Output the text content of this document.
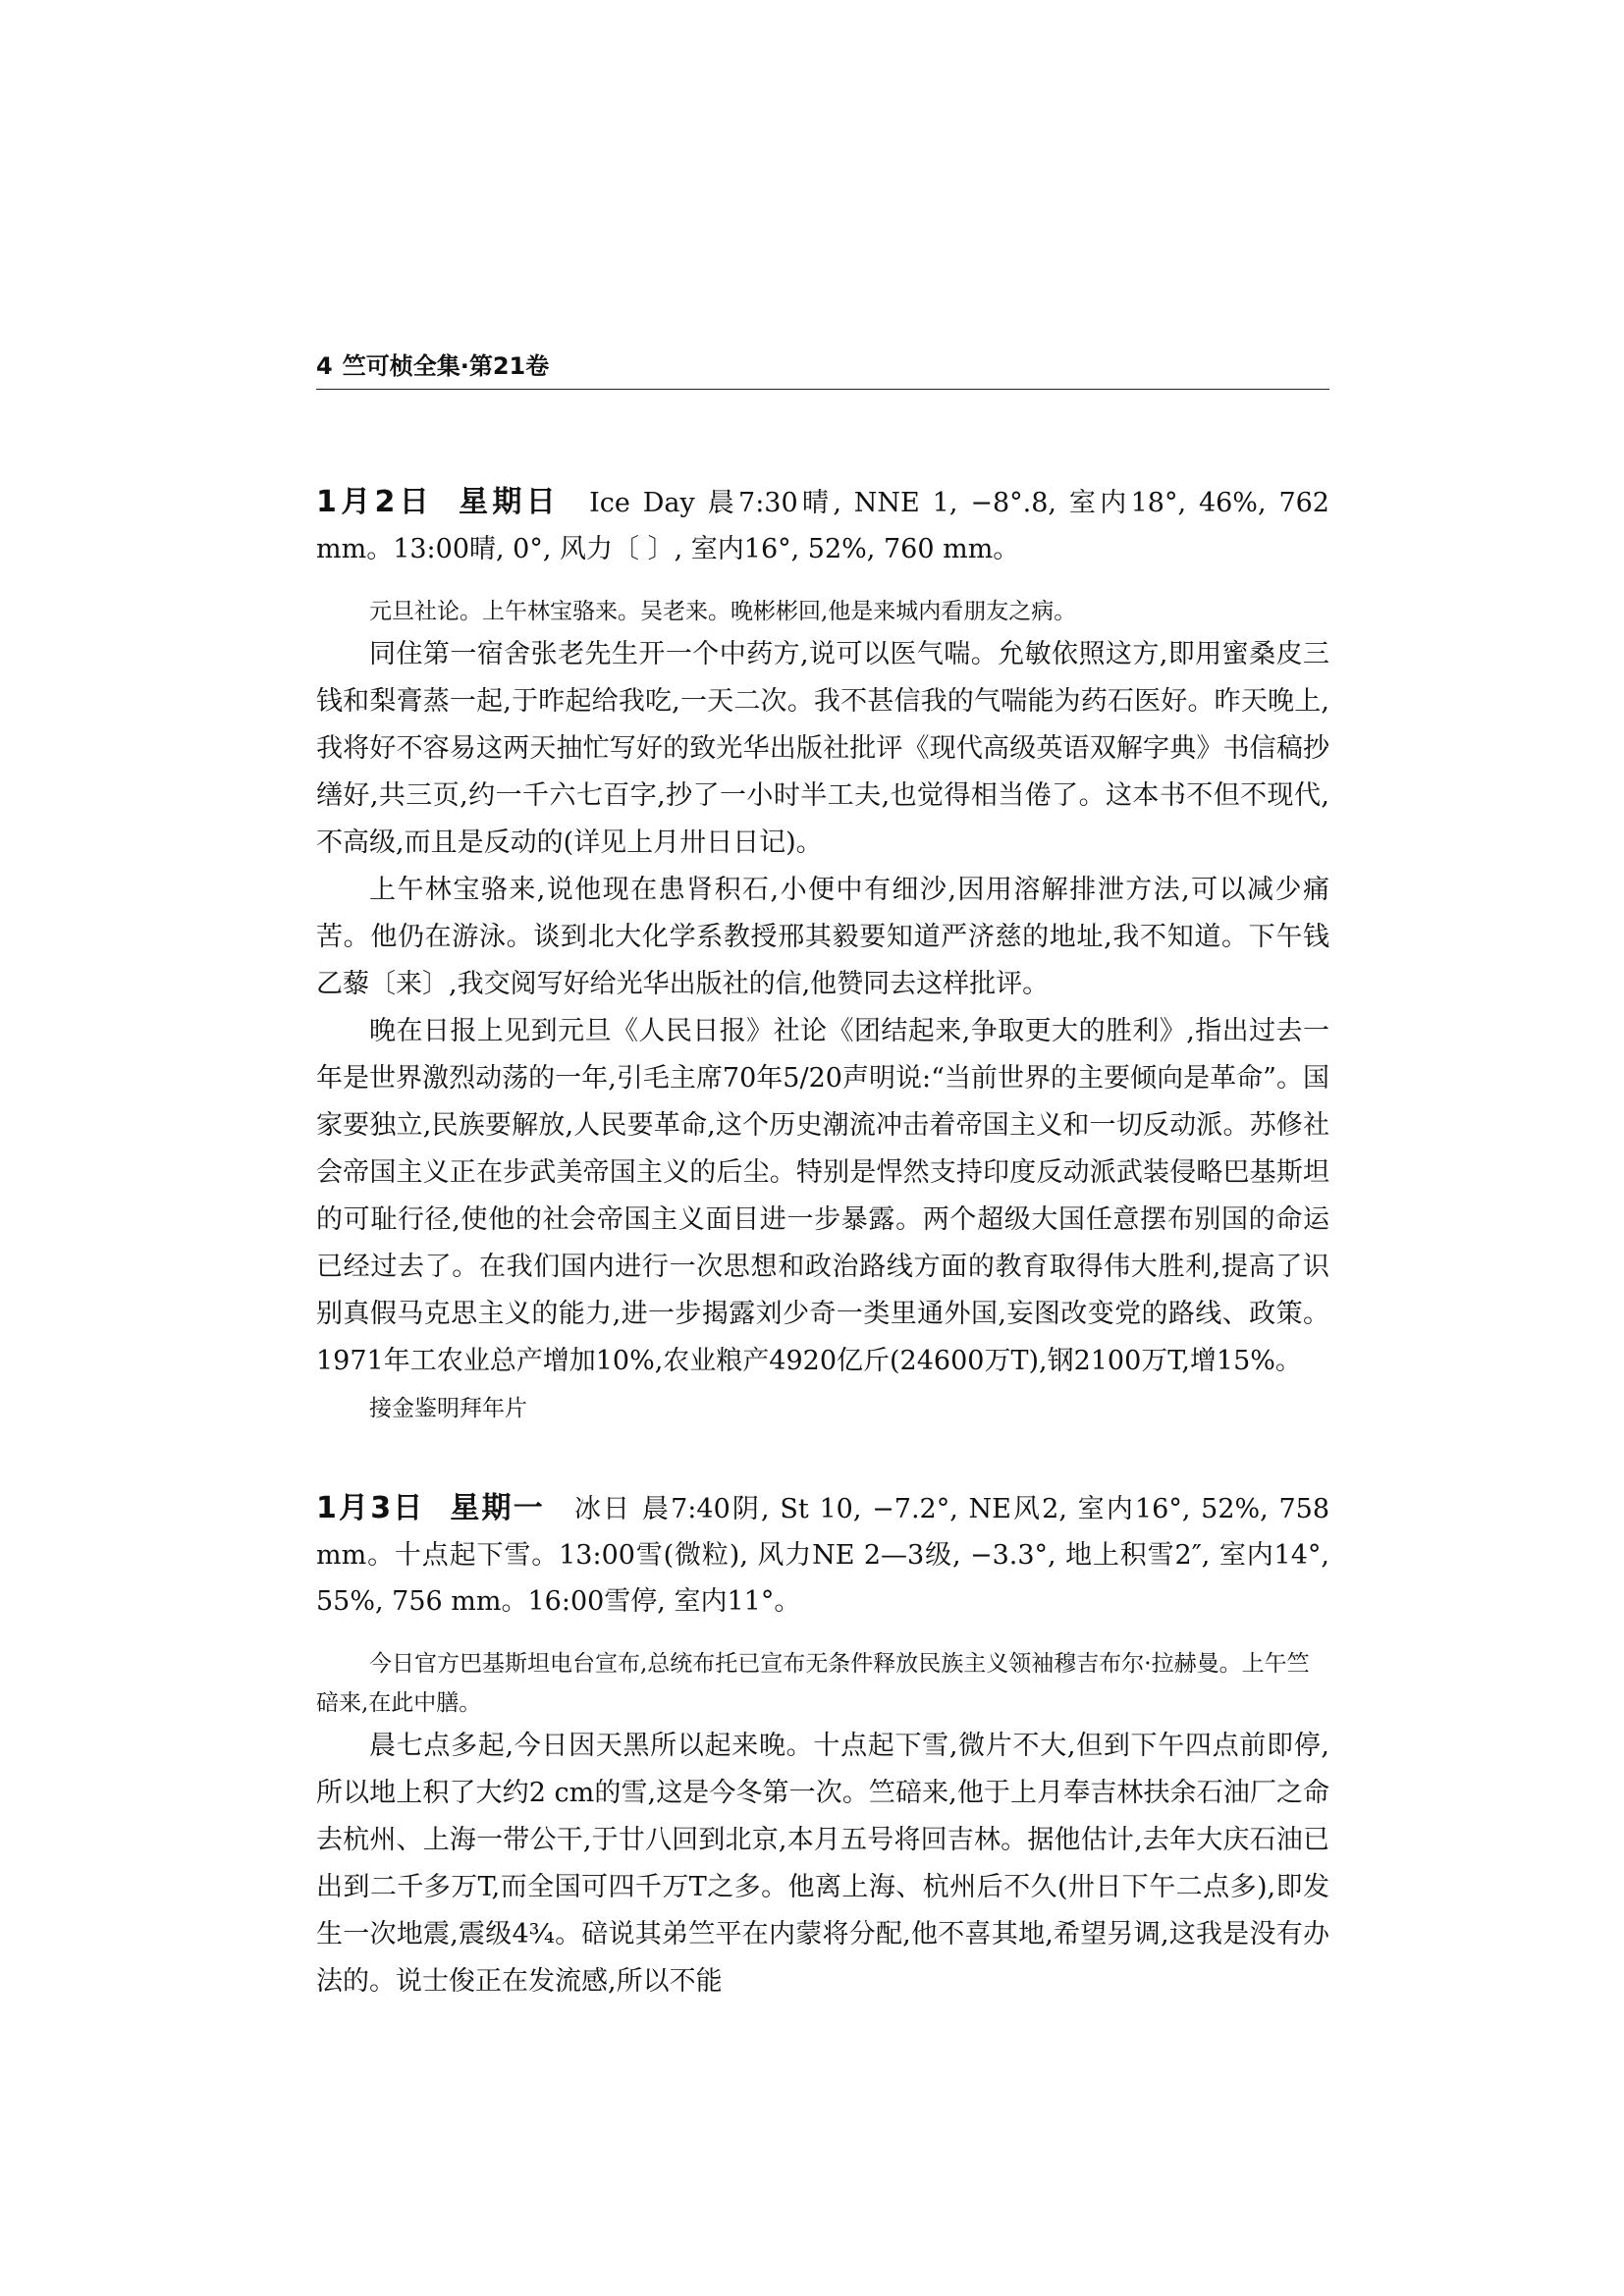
4 竺可桢全集·第21卷
1月2日 星期日 Ice Day 晨7:30晴, NNE 1, −8°.8, 室内18°, 46%, 762 mm。13:00晴, 0°, 风力〔 〕, 室内16°, 52%, 760 mm。
元旦社论。上午林宝骆来。吴老来。晚彬彬回,他是来城内看朋友之病。

同住第一宿舍张老先生开一个中药方,说可以医气喘。允敏依照这方,即用蜜桑皮三钱和梨膏蒸一起,于昨起给我吃,一天二次。我不甚信我的气喘能为药石医好。昨天晚上,我将好不容易这两天抽忙写好的致光华出版社批评《现代高级英语双解字典》书信稿抄缮好,共三页,约一千六七百字,抄了一小时半工夫,也觉得相当倦了。这本书不但不现代,不高级,而且是反动的(详见上月卅日日记)。

上午林宝骆来,说他现在患肾积石,小便中有细沙,因用溶解排泄方法,可以减少痛苦。他仍在游泳。谈到北大化学系教授邢其毅要知道严济慈的地址,我不知道。下午钱乙藜〔来〕,我交阅写好给光华出版社的信,他赞同去这样批评。

晚在日报上见到元旦《人民日报》社论《团结起来,争取更大的胜利》,指出过去一年是世界激烈动荡的一年,引毛主席70年5/20声明说:“当前世界的主要倾向是革命”。国家要独立,民族要解放,人民要革命,这个历史潮流冲击着帝国主义和一切反动派。苏修社会帝国主义正在步武美帝国主义的后尘。特别是悍然支持印度反动派武装侵略巴基斯坦的可耻行径,使他的社会帝国主义面目进一步暴露。两个超级大国任意摆布别国的命运已经过去了。在我们国内进行一次思想和政治路线方面的教育取得伟大胜利,提高了识别真假马克思主义的能力,进一步揭露刘少奇一类里通外国,妄图改变党的路线、政策。1971年工农业总产增加10%,农业粮产4920亿斤(24600万T),钢2100万T,增15%。

接金鉴明拜年片
1月3日 星期一 冰日 晨7:40阴, St 10, −7.2°, NE风2, 室内16°, 52%, 758 mm。十点起下雪。13:00雪(微粒), 风力NE 2—3级, −3.3°, 地上积雪2″, 室内14°, 55%, 756 mm。16:00雪停, 室内11°。
今日官方巴基斯坦电台宣布,总统布托已宣布无条件释放民族主义领袖穆吉布尔·拉赫曼。上午竺碚来,在此中膳。

晨七点多起,今日因天黑所以起来晚。十点起下雪,微片不大,但到下午四点前即停,所以地上积了大约2 cm的雪,这是今冬第一次。竺碚来,他于上月奉吉林扶余石油厂之命去杭州、上海一带公干,于廿八回到北京,本月五号将回吉林。据他估计,去年大庆石油已出到二千多万T,而全国可四千万T之多。他离上海、杭州后不久(卅日下午二点多),即发生一次地震,震级4¾。碚说其弟竺平在内蒙将分配,他不喜其地,希望另调,这我是没有办法的。说士俊正在发流感,所以不能
